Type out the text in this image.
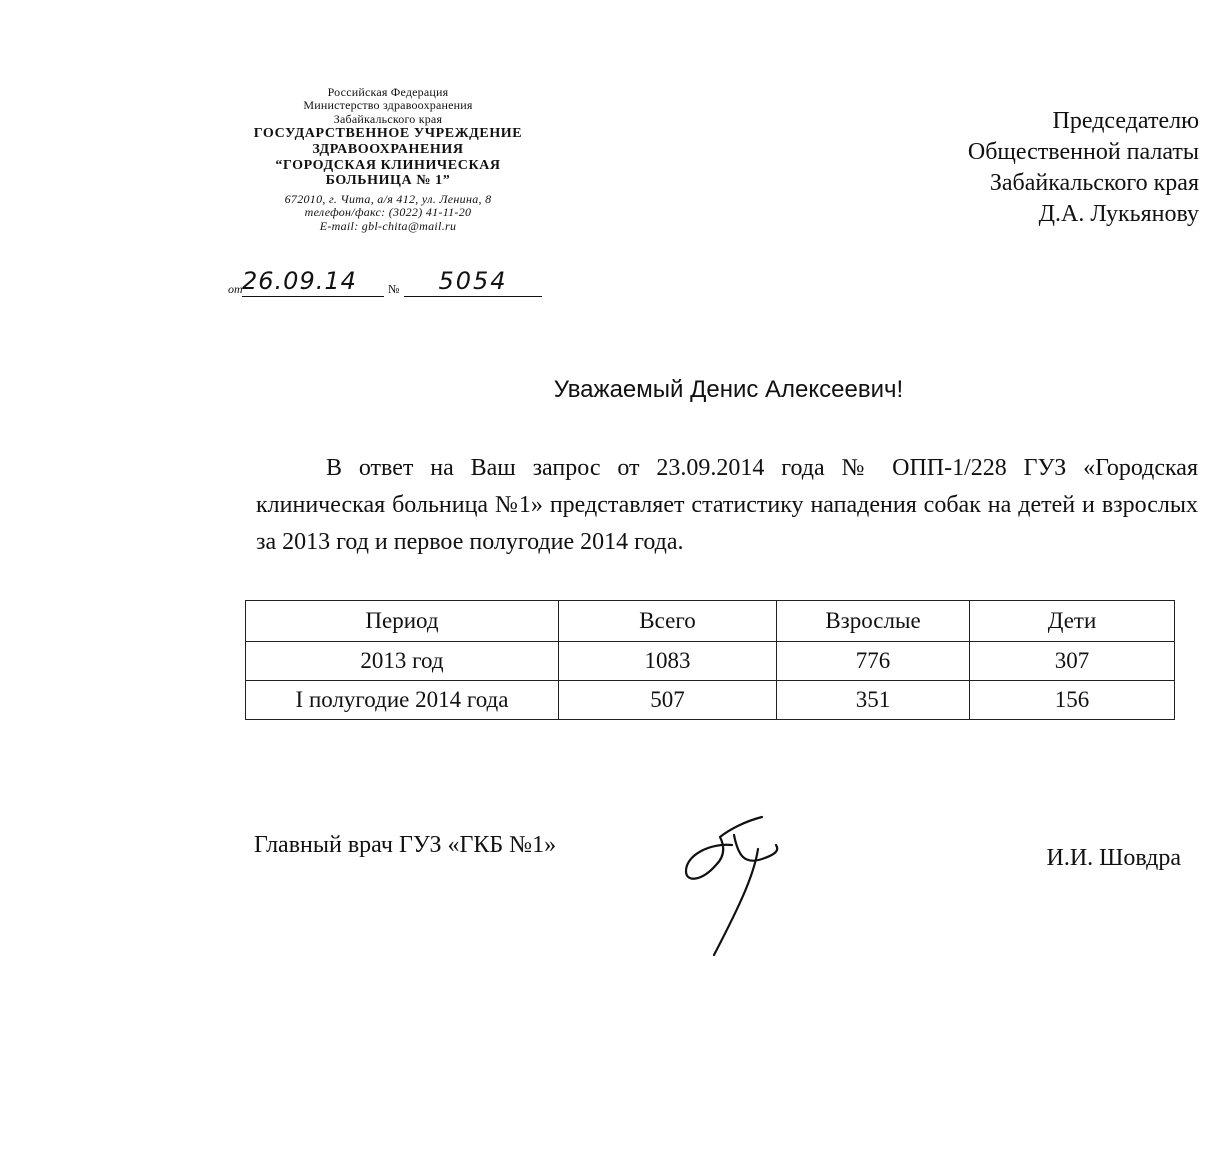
Российская Федерация
Министерство здравоохранения
Забайкальского края
ГОСУДАРСТВЕННОЕ УЧРЕЖДЕНИЕ
ЗДРАВООХРАНЕНИЯ
“ГОРОДСКАЯ КЛИНИЧЕСКАЯ
БОЛЬНИЦА № 1”
672010, г. Чита, а/я 412, ул. Ленина, 8
телефон/факс: (3022) 41-11-20
E-mail: gbl-chita@mail.ru
от 26.09.14	№	5054
Председателю
Общественной палаты
Забайкальского края
Д.А. Лукьянову
Уважаемый Денис Алексеевич!
В ответ на Ваш запрос от 23.09.2014 года № ОПП-1/228 ГУЗ «Городская клиническая больница №1» представляет статистику нападения собак на детей и взрослых за 2013 год и первое полугодие 2014 года.
Период	Всего	Взрослые	Дети
2013 год	1083	776	307
I полугодие 2014 года	507	351	156
Главный врач ГУЗ «ГКБ №1»	И.И. Шовдра
